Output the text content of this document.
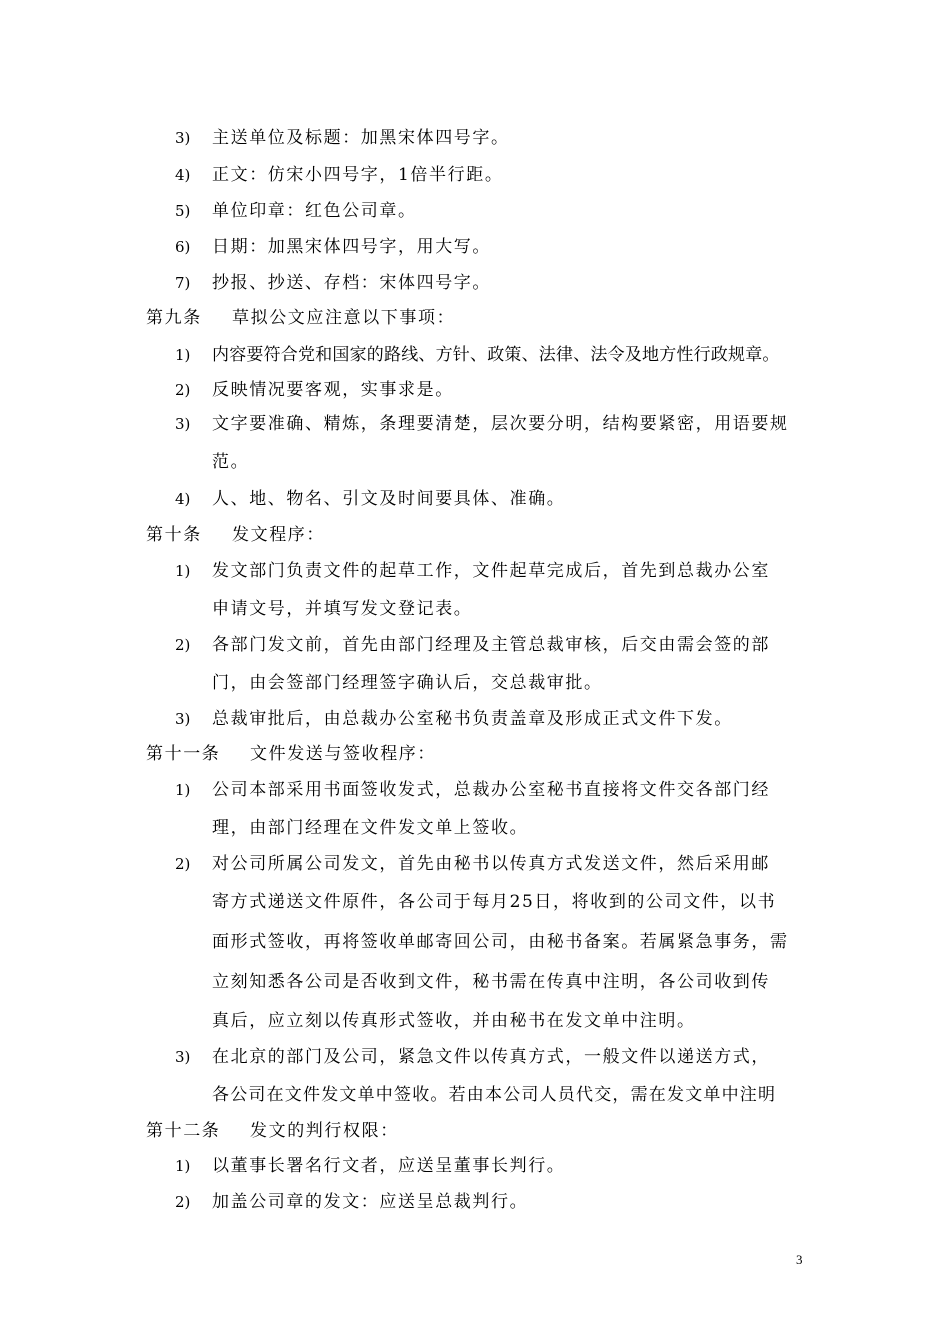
3) 主送单位及标题：加黑宋体四号字。
4) 正文：仿宋小四号字，1倍半行距。
5) 单位印章：红色公司章。
6) 日期：加黑宋体四号字，用大写。
7) 抄报、抄送、存档：宋体四号字。
第九条 草拟公文应注意以下事项：
1) 内容要符合党和国家的路线、方针、政策、法律、法令及地方性行政规章。
2) 反映情况要客观，实事求是。
3) 文字要准确、精炼，条理要清楚，层次要分明，结构要紧密，用语要规
范。
4) 人、地、物名、引文及时间要具体、准确。
第十条 发文程序：
1) 发文部门负责文件的起草工作，文件起草完成后，首先到总裁办公室
申请文号，并填写发文登记表。
2) 各部门发文前，首先由部门经理及主管总裁审核，后交由需会签的部
门，由会签部门经理签字确认后，交总裁审批。
3) 总裁审批后，由总裁办公室秘书负责盖章及形成正式文件下发。
第十一条 文件发送与签收程序：
1) 公司本部采用书面签收发式，总裁办公室秘书直接将文件交各部门经
理，由部门经理在文件发文单上签收。
2) 对公司所属公司发文，首先由秘书以传真方式发送文件，然后采用邮
寄方式递送文件原件，各公司于每月25日，将收到的公司文件，以书
面形式签收，再将签收单邮寄回公司，由秘书备案。若属紧急事务，需
立刻知悉各公司是否收到文件，秘书需在传真中注明，各公司收到传
真后，应立刻以传真形式签收，并由秘书在发文单中注明。
3) 在北京的部门及公司，紧急文件以传真方式，一般文件以递送方式，
各公司在文件发文单中签收。若由本公司人员代交，需在发文单中注明
第十二条 发文的判行权限：
1) 以董事长署名行文者，应送呈董事长判行。
2) 加盖公司章的发文：应送呈总裁判行。
3
